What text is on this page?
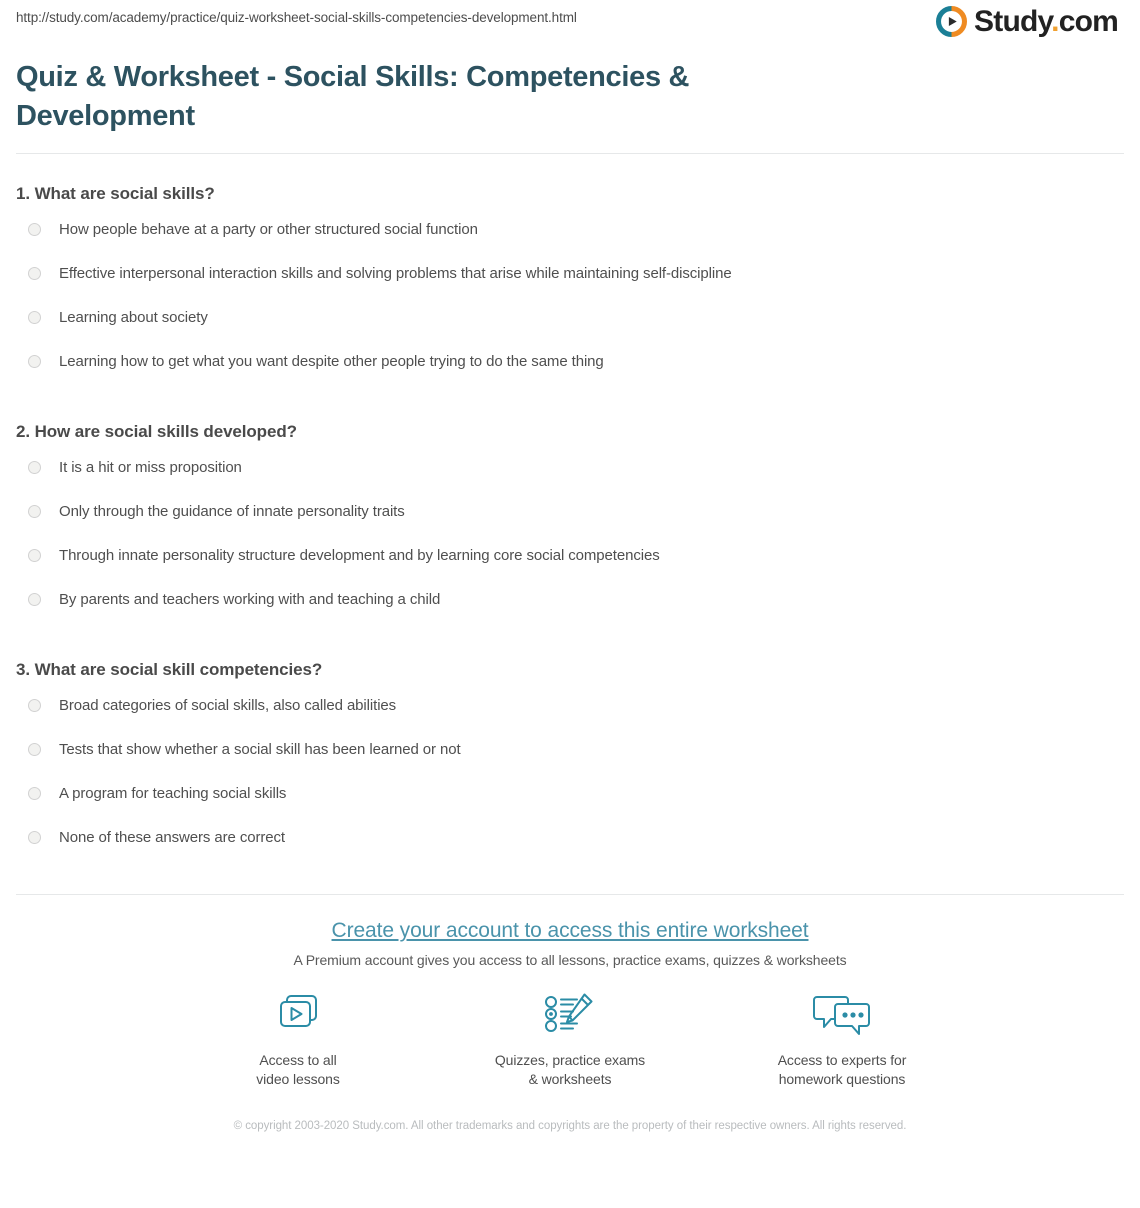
http://study.com/academy/practice/quiz-worksheet-social-skills-competencies-development.html	Study.com
Quiz & Worksheet - Social Skills: Competencies & Development

1. What are social skills?

How people behave at a party or other structured social function
Effective interpersonal interaction skills and solving problems that arise while maintaining self-discipline
Learning about society
Learning how to get what you want despite other people trying to do the same thing

2. How are social skills developed?

It is a hit or miss proposition
Only through the guidance of innate personality traits
Through innate personality structure development and by learning core social competencies
By parents and teachers working with and teaching a child

3. What are social skill competencies?

Broad categories of social skills, also called abilities
Tests that show whether a social skill has been learned or not
A program for teaching social skills
None of these answers are correct
Create your account to access this entire worksheet

A Premium account gives you access to all lessons, practice exams, quizzes & worksheets

Access to all
video lessons
Quizzes, practice exams
& worksheets
Access to experts for
homework questions
© copyright 2003-2020 Study.com. All other trademarks and copyrights are the property of their respective owners. All rights reserved.
